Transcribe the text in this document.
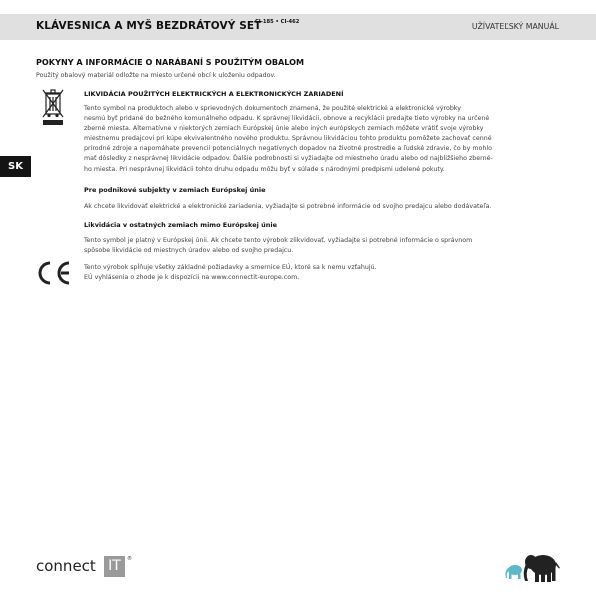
KLÁVESNICA A MYŠ BEZDRÁTOVÝ SET
CI-185 • CI-462	UŽÍVATEĽSKÝ MANUÁL
SK
POKYNY A INFORMÁCIE O NARÁBANÍ S POUŽITÝM OBALOM
Použitý obalový materiál odložte na miesto určené obcí k uloženiu odpadov.
LIKVIDÁCIA POUŽITÝCH ELEKTRICKÝCH A ELEKTRONICKÝCH ZARIADENÍ
Tento symbol na produktoch alebo v sprievodných dokumentoch znamená, že použité elektrické a elektronické výrobky
nesmú byť pridané do bežného komunálneho odpadu. K správnej likvidácii, obnove a recyklácii predajte tieto výrobky na určené
zberné miesta. Alternatívne v niektorých zemiach Európskej únie alebo iných európskych zemiach môžete vrátiť svoje výrobky
miestnemu predajcovi pri kúpe ekvivalentného nového produktu. Správnou likvidáciou tohto produktu pomôžete zachovať cenné
prírodné zdroje a napomáhate prevencii potenciálnych negatívnych dopadov na životné prostredie a ľudské zdravie, čo by mohlo
mať dôsledky z nesprávnej likvidácie odpadov. Ďalšie podrobnosti si vyžiadajte od miestneho úradu alebo od najbližšieho zberné-
ho miesta. Pri nesprávnej likvidácii tohto druhu odpadu môžu byť v súlade s národnými predpismi udelené pokuty.
Pre podnikové subjekty v zemiach Európskej únie
Ak chcete likvidovať elektrické a elektronické zariadenia, vyžiadajte si potrebné informácie od svojho predajcu alebo dodávateľa.
Likvidácia v ostatných zemiach mimo Európskej únie
Tento symbol je platný v Európskej únii. Ak chcete tento výrobok zlikvidovať, vyžiadajte si potrebné informácie o správnom
spôsobe likvidácie od miestnych úradov alebo od svojho predajcu.
Tento výrobok spĺňuje všetky základné požiadavky a smernice EÚ, ktoré sa k nemu vzťahujú.
EÚ vyhlásenia o zhode je k dispozícii na www.connectit-europe.com.
connect IT	®
